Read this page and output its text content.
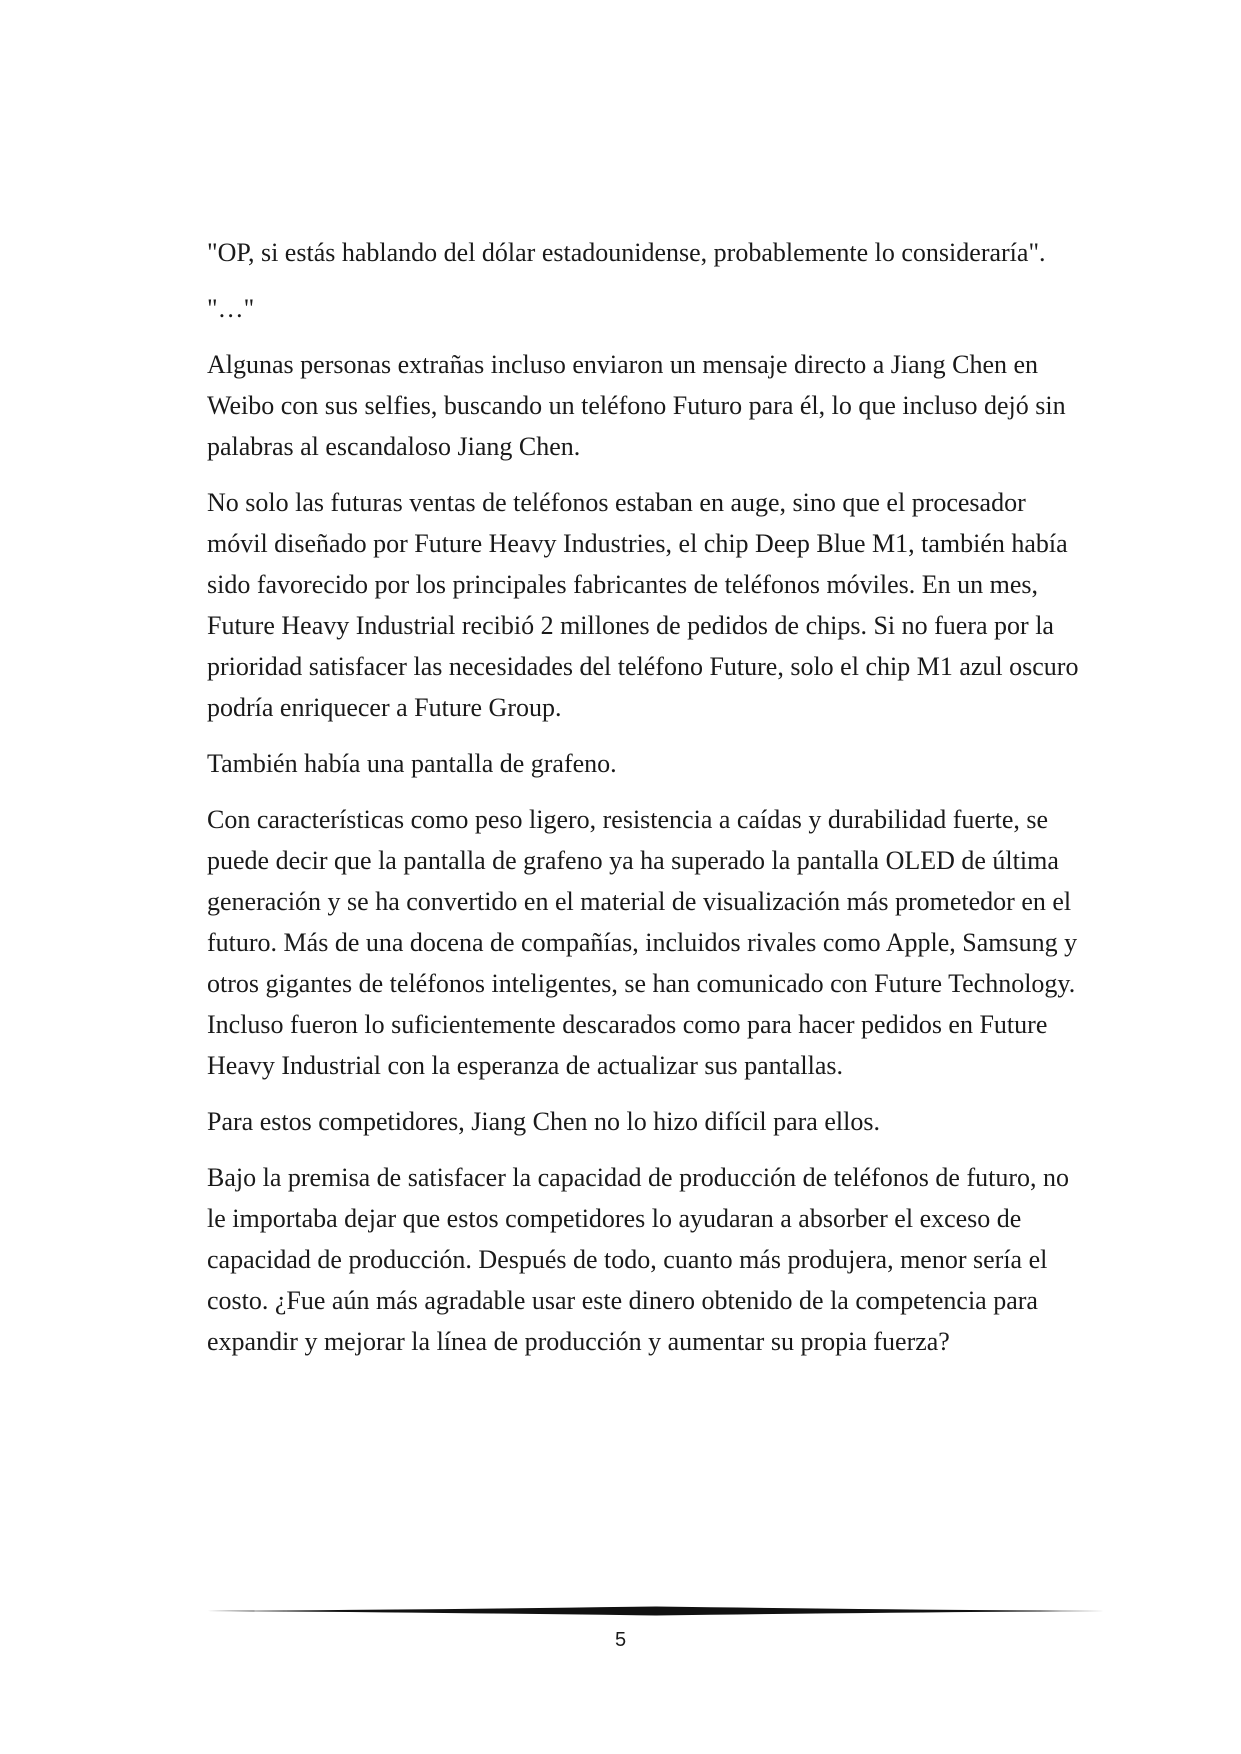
"OP, si estás hablando del dólar estadounidense, probablemente lo consideraría".

"…"

Algunas personas extrañas incluso enviaron un mensaje directo a Jiang Chen en Weibo con sus selfies, buscando un teléfono Futuro para él, lo que incluso dejó sin palabras al escandaloso Jiang Chen.

No solo las futuras ventas de teléfonos estaban en auge, sino que el procesador móvil diseñado por Future Heavy Industries, el chip Deep Blue M1, también había sido favorecido por los principales fabricantes de teléfonos móviles. En un mes, Future Heavy Industrial recibió 2 millones de pedidos de chips. Si no fuera por la prioridad satisfacer las necesidades del teléfono Future, solo el chip M1 azul oscuro podría enriquecer a Future Group.

También había una pantalla de grafeno.

Con características como peso ligero, resistencia a caídas y durabilidad fuerte, se puede decir que la pantalla de grafeno ya ha superado la pantalla OLED de última generación y se ha convertido en el material de visualización más prometedor en el futuro. Más de una docena de compañías, incluidos rivales como Apple, Samsung y otros gigantes de teléfonos inteligentes, se han comunicado con Future Technology. Incluso fueron lo suficientemente descarados como para hacer pedidos en Future Heavy Industrial con la esperanza de actualizar sus pantallas.

Para estos competidores, Jiang Chen no lo hizo difícil para ellos.

Bajo la premisa de satisfacer la capacidad de producción de teléfonos de futuro, no le importaba dejar que estos competidores lo ayudaran a absorber el exceso de capacidad de producción. Después de todo, cuanto más produjera, menor sería el costo. ¿Fue aún más agradable usar este dinero obtenido de la competencia para expandir y mejorar la línea de producción y aumentar su propia fuerza?

5
